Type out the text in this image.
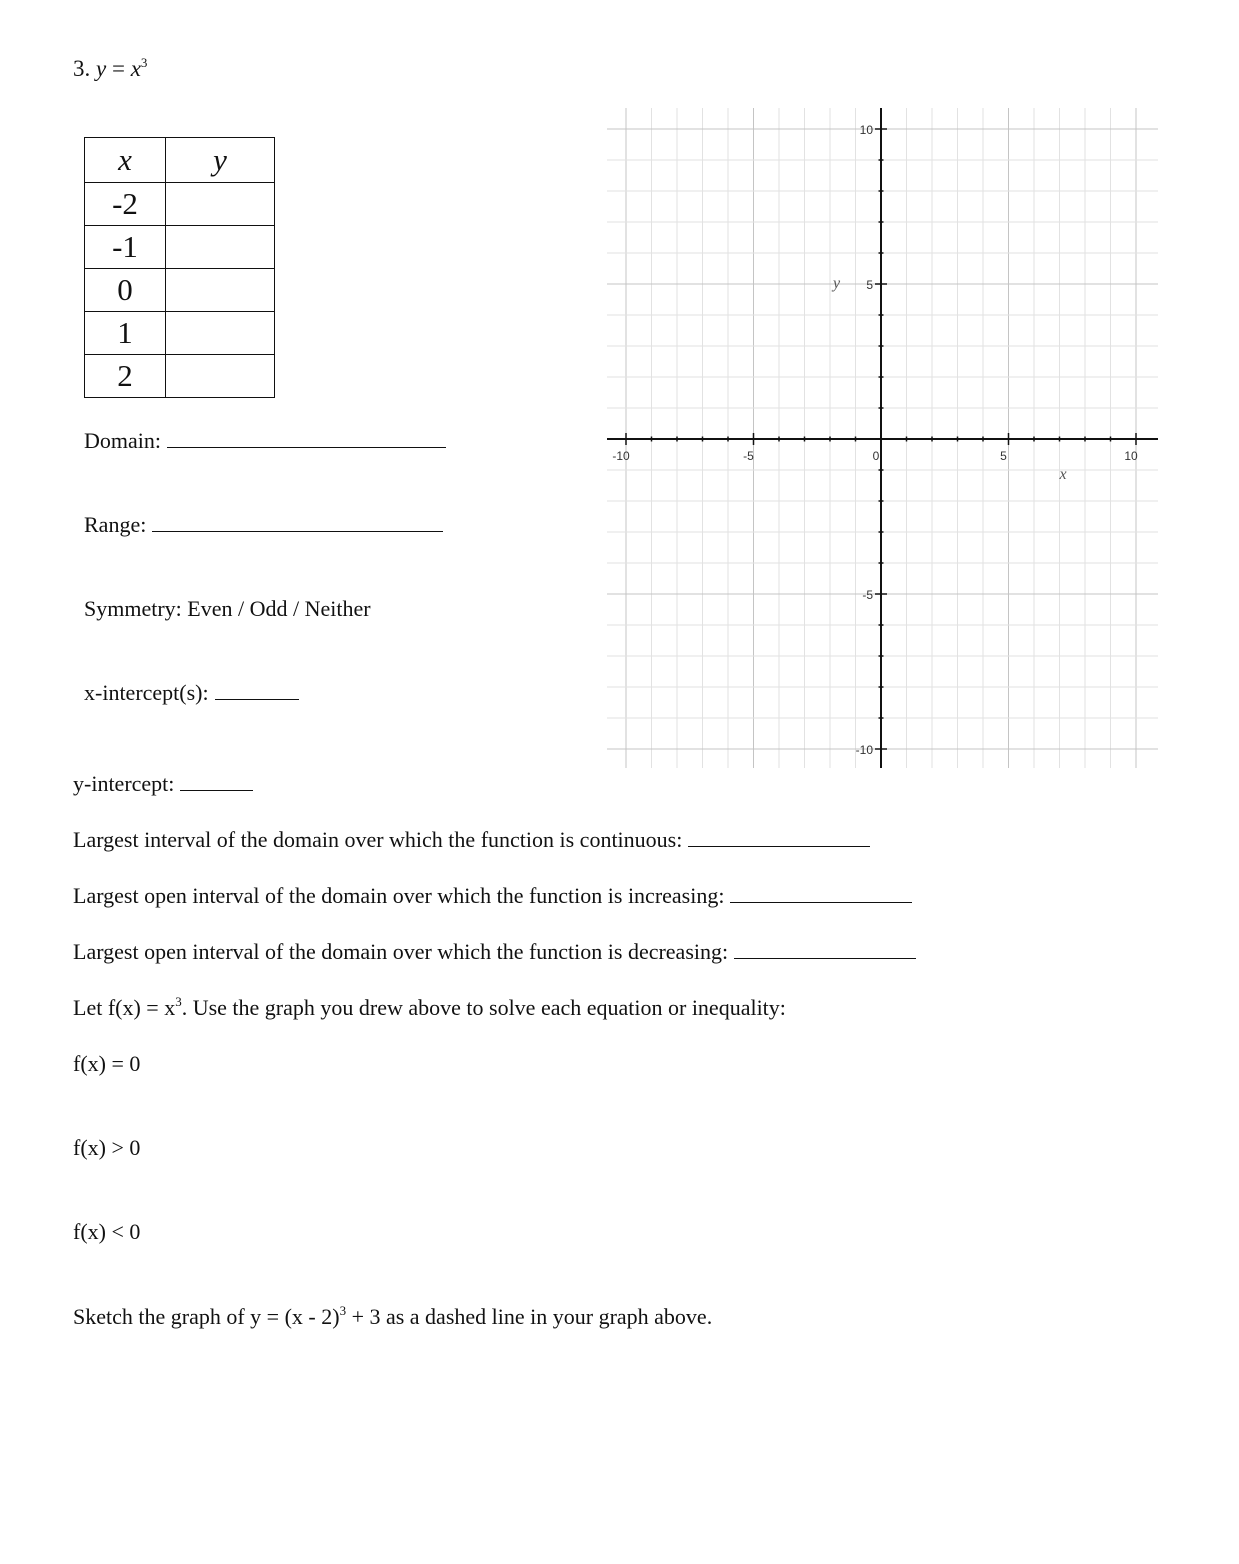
3. $y = x^3$
x	y
-2	
-1	
0	
1	
2	
Domain:
Range:
Symmetry: Even / Odd / Neither
x-intercept(s):
y-intercept:
Largest interval of the domain over which the function is continuous:
Largest open interval of the domain over which the function is increasing:
Largest open interval of the domain over which the function is decreasing:
Let $f(x) = x^3$. Use the graph you drew above to solve each equation or inequality:
f(x) = 0
f(x) > 0
f(x) < 0
Sketch the graph of y = (x - 2)$^3$ + 3 as a dashed line in your graph above.
-10	-5	0	5	10
10
5
-5
-10
y
x
